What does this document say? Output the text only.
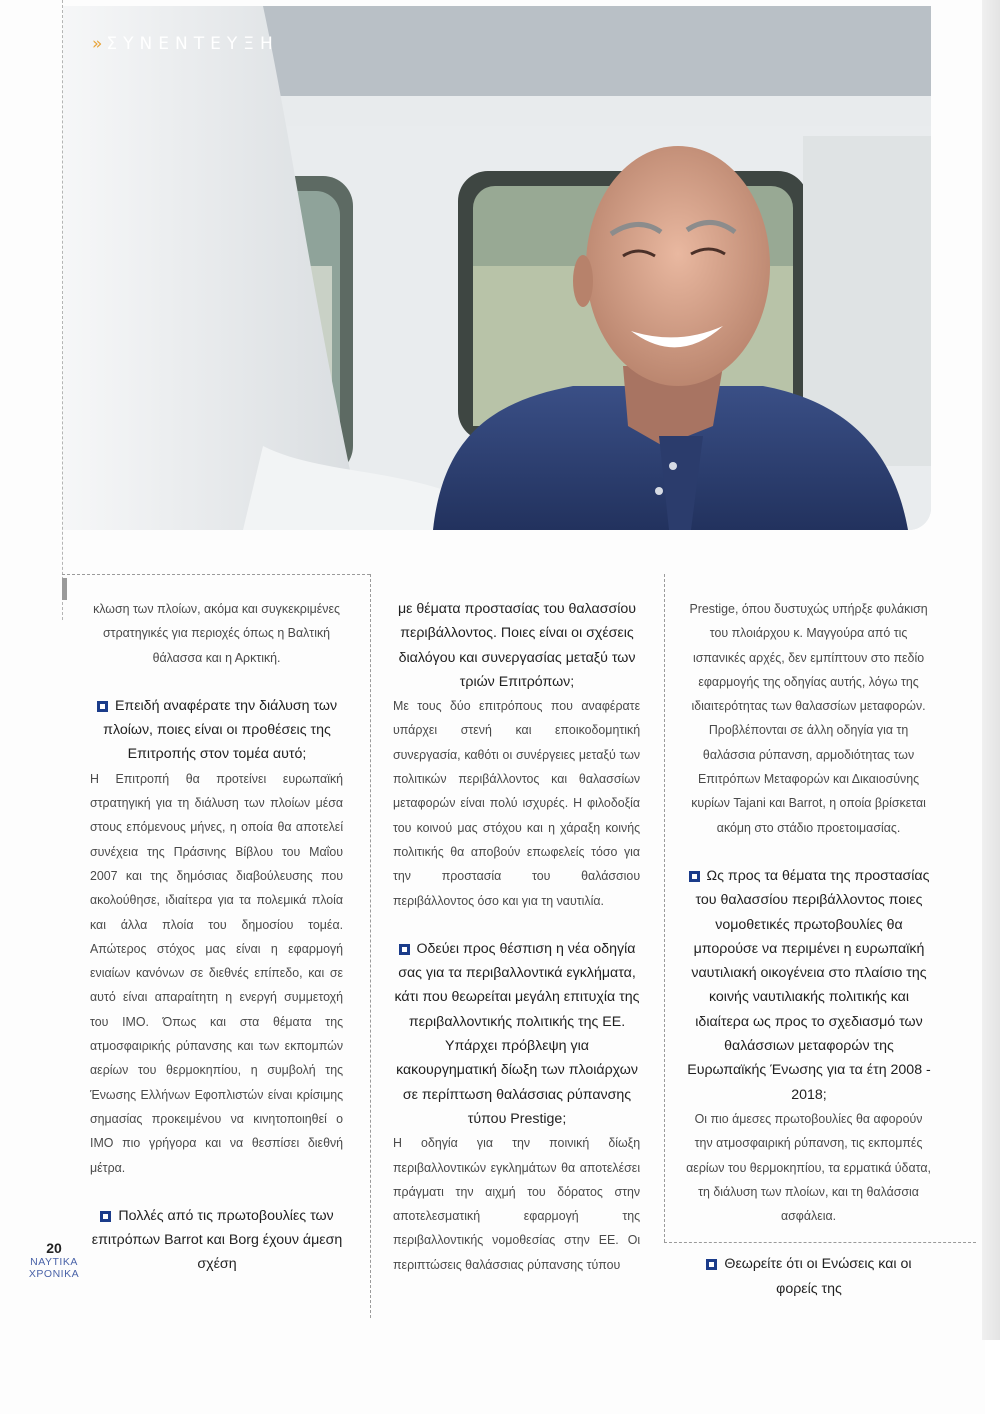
» ΣΥΝΕΝΤΕΥΞΗ

κλωση των πλοίων, ακόμα και συγκεκριμένες στρατηγικές για περιοχές όπως η Βαλτική θάλασσα και η Αρκτική.

Επειδή αναφέρατε την διάλυση των πλοίων, ποιες είναι οι προθέσεις της Επιτροπής στον τομέα αυτό;

Η Επιτροπή θα προτείνει ευρωπαϊκή στρατηγική για τη διάλυση των πλοίων μέσα στους επόμενους μήνες, η οποία θα αποτελεί συνέχεια της Πράσινης Βίβλου του Μαΐου 2007 και της δημόσιας διαβούλευσης που ακολούθησε, ιδιαίτερα για τα πολεμικά πλοία και άλλα πλοία του δημοσίου τομέα. Απώτερος στόχος μας είναι η εφαρμογή ενιαίων κανόνων σε διεθνές επίπεδο, και σε αυτό είναι απαραίτητη η ενεργή συμμετοχή του ΙΜΟ. Όπως και στα θέματα της ατμοσφαιρικής ρύπανσης και των εκπομπών αερίων του θερμοκηπίου, η συμβολή της Ένωσης Ελλήνων Εφοπλιστών είναι κρίσιμης σημασίας προκειμένου να κινητοποιηθεί ο ΙΜΟ πιο γρήγορα και να θεσπίσει διεθνή μέτρα.

Πολλές από τις πρωτοβουλίες των επιτρόπων Barrot και Borg έχουν άμεση σχέση
με θέματα προστασίας του θαλασσίου περιβάλλοντος. Ποιες είναι οι σχέσεις διαλόγου και συνεργασίας μεταξύ των τριών Επιτρόπων;

Με τους δύο επιτρόπους που αναφέρατε υπάρχει στενή και εποικοδομητική συνεργασία, καθότι οι συνέργειες μεταξύ των πολιτικών περιβάλλοντος και θαλασσίων μεταφορών είναι πολύ ισχυρές. Η φιλοδοξία του κοινού μας στόχου και η χάραξη κοινής πολιτικής θα αποβούν επωφελείς τόσο για την προστασία του θαλάσσιου περιβάλλοντος όσο και για τη ναυτιλία.

Οδεύει προς θέσπιση η νέα οδηγία σας για τα περιβαλλοντικά εγκλήματα, κάτι που θεωρείται μεγάλη επιτυχία της περιβαλλοντικής πολιτικής της ΕΕ. Υπάρχει πρόβλεψη για κακουργηματική δίωξη των πλοιάρχων σε περίπτωση θαλάσσιας ρύπανσης τύπου Prestige;

Η οδηγία για την ποινική δίωξη περιβαλλοντικών εγκλημάτων θα αποτελέσει πράγματι την αιχμή του δόρατος στην αποτελεσματική εφαρμογή της περιβαλλοντικής νομοθεσίας στην ΕΕ. Οι περιπτώσεις θαλάσσιας ρύπανσης τύπου

Prestige, όπου δυστυχώς υπήρξε φυλάκιση του πλοιάρχου κ. Μαγγούρα από τις ισπανικές αρχές, δεν εμπίπτουν στο πεδίο εφαρμογής της οδηγίας αυτής, λόγω της ιδιαιτερότητας των θαλασσίων μεταφορών. Προβλέπονται σε άλλη οδηγία για τη θαλάσσια ρύπανση, αρμοδιότητας των Επιτρόπων Μεταφορών και Δικαιοσύνης κυρίων Tajani και Barrot, η οποία βρίσκεται ακόμη στο στάδιο προετοιμασίας.

Ως προς τα θέματα της προστασίας του θαλασσίου περιβάλλοντος ποιες νομοθετικές πρωτοβουλίες θα μπορούσε να περιμένει η ευρωπαϊκή ναυτιλιακή οικογένεια στο πλαίσιο της κοινής ναυτιλιακής πολιτικής και ιδιαίτερα ως προς το σχεδιασμό των θαλάσσιων μεταφορών της Ευρωπαϊκής Ένωσης για τα έτη 2008 - 2018;

Οι πιο άμεσες πρωτοβουλίες θα αφορούν την ατμοσφαιρική ρύπανση, τις εκπομπές αερίων του θερμοκηπίου, τα ερματικά ύδατα, τη διάλυση των πλοίων, και τη θαλάσσια ασφάλεια.

Θεωρείτε ότι οι Ενώσεις και οι φορείς της
20
ΝΑΥΤΙΚΑ
ΧΡΟΝΙΚΑ
